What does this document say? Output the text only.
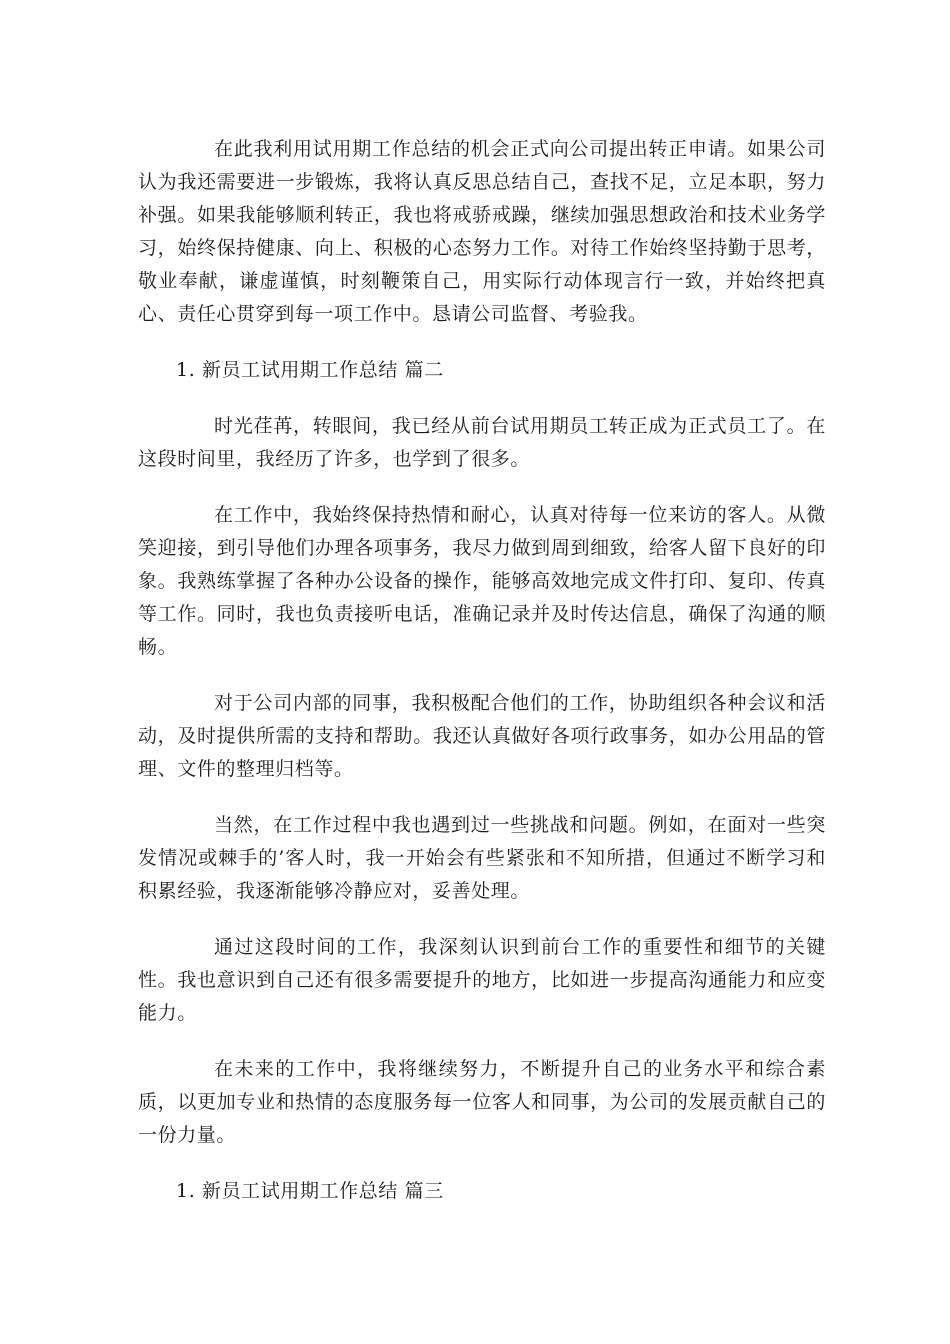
在此我利用试用期工作总结的机会正式向公司提出转正申请。如果公司认为我还需要进一步锻炼，我将认真反思总结自己，查找不足，立足本职，努力补强。如果我能够顺利转正，我也将戒骄戒躁，继续加强思想政治和技术业务学习，始终保持健康、向上、积极的心态努力工作。对待工作始终坚持勤于思考，敬业奉献，谦虚谨慎，时刻鞭策自己，用实际行动体现言行一致，并始终把真心、责任心贯穿到每一项工作中。恳请公司监督、考验我。

1. 新员工试用期工作总结 篇二

时光荏苒，转眼间，我已经从前台试用期员工转正成为正式员工了。在这段时间里，我经历了许多，也学到了很多。

在工作中，我始终保持热情和耐心，认真对待每一位来访的客人。从微笑迎接，到引导他们办理各项事务，我尽力做到周到细致，给客人留下良好的印象。我熟练掌握了各种办公设备的操作，能够高效地完成文件打印、复印、传真等工作。同时，我也负责接听电话，准确记录并及时传达信息，确保了沟通的顺畅。

对于公司内部的同事，我积极配合他们的工作，协助组织各种会议和活动，及时提供所需的支持和帮助。我还认真做好各项行政事务，如办公用品的管理、文件的整理归档等。

当然，在工作过程中我也遇到过一些挑战和问题。例如，在面对一些突发情况或棘手的’客人时，我一开始会有些紧张和不知所措，但通过不断学习和积累经验，我逐渐能够冷静应对，妥善处理。

通过这段时间的工作，我深刻认识到前台工作的重要性和细节的关键性。我也意识到自己还有很多需要提升的地方，比如进一步提高沟通能力和应变能力。

在未来的工作中，我将继续努力，不断提升自己的业务水平和综合素质，以更加专业和热情的态度服务每一位客人和同事，为公司的发展贡献自己的一份力量。

1. 新员工试用期工作总结 篇三
